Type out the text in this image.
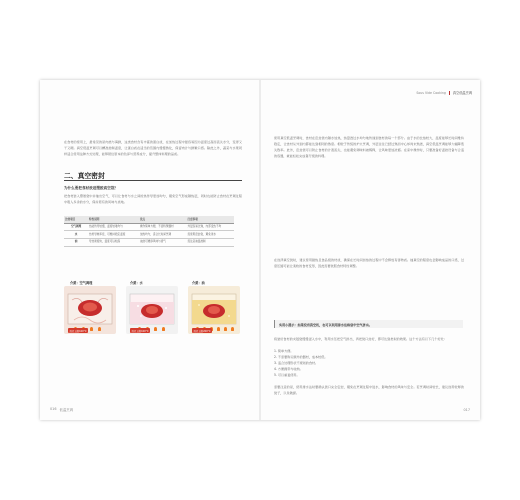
在食材的使用上，最常见的是肉类与海鲜，这类食材含有丰富的蛋白质，在加热过程中最容易因为温度过高而流失水分，变得又干又硬。真空低温烹调可以精准控制温度，让蛋白质在适当的范围内慢慢熟化，保留肉汁与鲜嫩口感。除此之外，蔬菜与水果同样适合使用这种方式处理，能够锁住原本的色泽与营养成分，提升整体料理的品质。
二、真空密封
为什么要把食材放进塑胶真空袋？
把食材装入塑胶袋中并抽出空气，可以让食材与水之间的热传导更加均匀，避免空气形成隔热层，同时也能防止食材在烹调过程中吸入多余的水分，保持原有的风味与质地。
比较项目	特性说明	优点	注意事项
空气调理	热能传导较慢，温度较难均匀	操作简单方便，不需特殊器材	外层容易过熟，内部受热不均
水	热传导效率佳，可维持稳定温度	加热均匀，适合长时间烹调	需使用密封袋，避免进水
油	导热速度快，温度可以较高	油封可增添风味与香气	需注意油温控制
介质：空气调理
温度上限100°C
介质：水
温度上限100°C
介质：油
温度上限200°C
016 低温烹调
Sous Vide Cooking 真空低温烹调
使用真空低温烹调时，食材在密封袋内隔水加热，热量透过水均匀地传递到食材的每一个部分。由于水的比热较大，温度能够长时间维持稳定，让食材从外到内都能达到相同的熟度。相较于传统的炉火烹调，外层往往已经过熟而中心却尚未熟透，真空低温烹调能够大幅降低失败率。此外，密封袋可以防止食材的汁液流失，也能避免调味料被稀释，让风味更加浓郁。在家中操作时，只要准备好温控设备与合适的容器，就能轻松完成餐厅级的料理。
在选择真空袋时，建议使用耐热且食品级的材质，确保在长时间加热的过程中不会释放有害物质。抽真空的程度也会影响成品的口感，过度压缩可能让柔软的食材变形，因此需要依照食材特性调整。
实用小提示：如果没有真空机，也可以利用排水法将袋中空气挤出。
将装好食材的夹链袋慢慢浸入水中，利用水压把空气排出，再把袋口封好，即可达到类似的效果。这个方法有以下几个好处：
1. 简单方便。
2. 不需要购买额外的器材，成本较低。
3. 适合处理形状不规则的食材。
4. 方便携带与收纳。
5. 可以重复使用。
需要注意的是，使用排水法时要确认袋口完全密封，避免在烹调过程中进水，影响食材的风味与安全。若烹调时间较长，建议选用较厚的袋子，以免破损。
017
